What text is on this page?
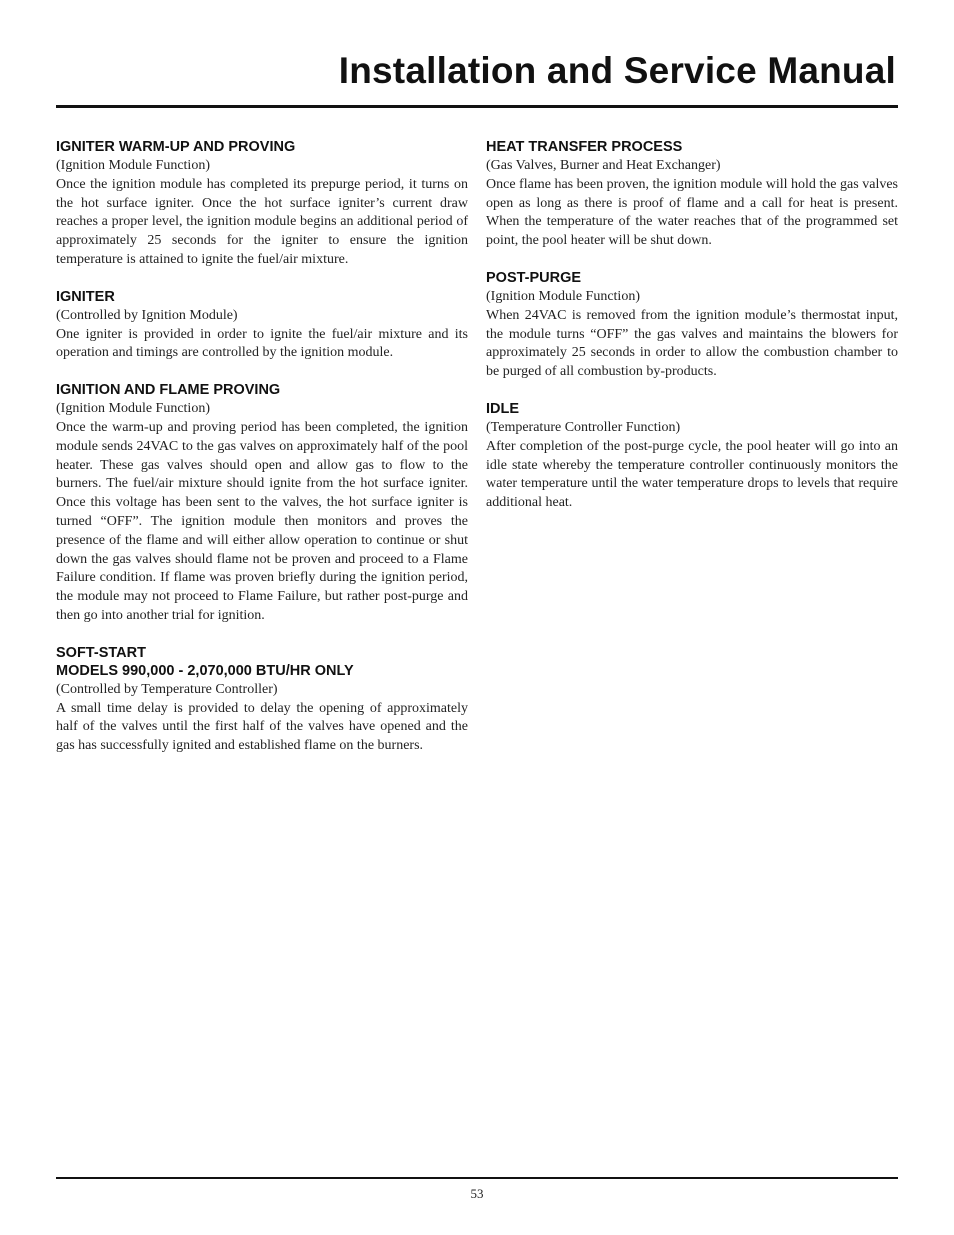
Installation and Service Manual
IGNITER WARM-UP AND PROVING

(Ignition Module Function)

Once the ignition module has completed its prepurge period, it turns on the hot surface igniter. Once the hot surface igniter’s current draw reaches a proper level, the ignition module begins an additional period of approximately 25 seconds for the igniter to ensure the ignition temperature is attained to ignite the fuel/air mixture.

IGNITER

(Controlled by Ignition Module)

One igniter is provided in order to ignite the fuel/air mixture and its operation and timings are controlled by the ignition module.

IGNITION AND FLAME PROVING

(Ignition Module Function)

Once the warm-up and proving period has been completed, the ignition module sends 24VAC to the gas valves on approximately half of the pool heater. These gas valves should open and allow gas to flow to the burners. The fuel/air mixture should ignite from the hot surface igniter. Once this voltage has been sent to the valves, the hot surface igniter is turned “OFF”. The ignition module then monitors and proves the presence of the flame and will either allow operation to continue or shut down the gas valves should flame not be proven and proceed to a Flame Failure condition. If flame was proven briefly during the ignition period, the module may not proceed to Flame Failure, but rather post-purge and then go into another trial for ignition.

SOFT-START
MODELS 990,000 - 2,070,000 BTU/HR ONLY

(Controlled by Temperature Controller)

A small time delay is provided to delay the opening of approximately half of the valves until the first half of the valves have opened and the gas has successfully ignited and established flame on the burners.

HEAT TRANSFER PROCESS

(Gas Valves, Burner and Heat Exchanger)

Once flame has been proven, the ignition module will hold the gas valves open as long as there is proof of flame and a call for heat is present. When the temperature of the water reaches that of the programmed set point, the pool heater will be shut down.

POST-PURGE

(Ignition Module Function)

When 24VAC is removed from the ignition module’s thermostat input, the module turns “OFF” the gas valves and maintains the blowers for approximately 25 seconds in order to allow the combustion chamber to be purged of all combustion by-products.

IDLE

(Temperature Controller Function)

After completion of the post-purge cycle, the pool heater will go into an idle state whereby the temperature controller continuously monitors the water temperature until the water temperature drops to levels that require additional heat.

53
